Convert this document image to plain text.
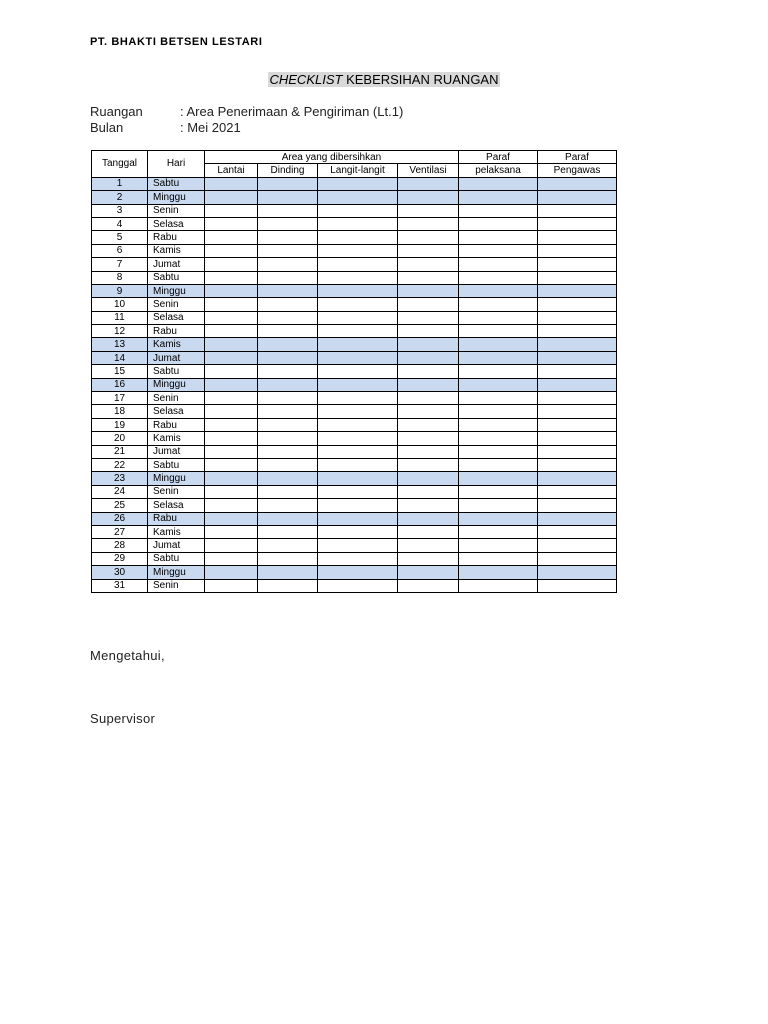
PT. BHAKTI BETSEN LESTARI
CHECKLIST KEBERSIHAN RUANGAN
Ruangan	: Area Penerimaan & Pengiriman (Lt.1)
Bulan	: Mei 2021
Tanggal	Hari	Area yang dibersihkan				Paraf	Paraf
		Lantai	Dinding	Langit-langit	Ventilasi	pelaksana	Pengawas
1	Sabtu						
2	Minggu						
3	Senin						
4	Selasa						
5	Rabu						
6	Kamis						
7	Jumat						
8	Sabtu						
9	Minggu						
10	Senin						
11	Selasa						
12	Rabu						
13	Kamis						
14	Jumat						
15	Sabtu						
16	Minggu						
17	Senin						
18	Selasa						
19	Rabu						
20	Kamis						
21	Jumat						
22	Sabtu						
23	Minggu						
24	Senin						
25	Selasa						
26	Rabu						
27	Kamis						
28	Jumat						
29	Sabtu						
30	Minggu						
31	Senin						
Mengetahui,
Supervisor
